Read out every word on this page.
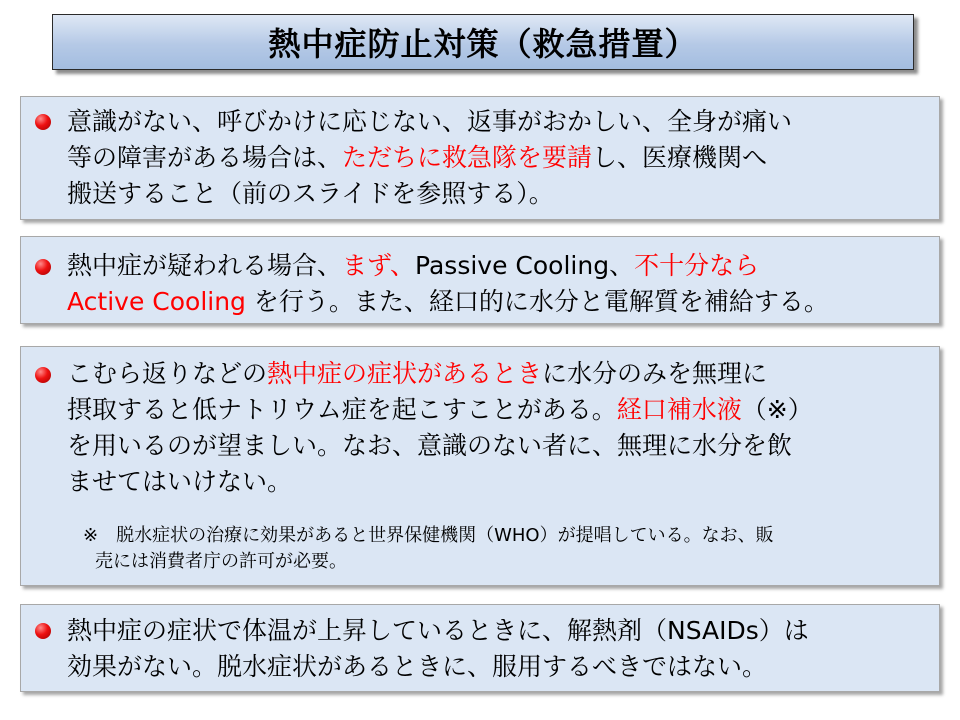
熱中症防止対策（救急措置）
意識がない、呼びかけに応じない、返事がおかしい、全身が痛い
等の障害がある場合は、ただちに救急隊を要請し、医療機関へ
搬送すること（前のスライドを参照する）。
熱中症が疑われる場合、まず、Passive Cooling、不十分なら
Active Cooling を行う。また、経口的に水分と電解質を補給する。
こむら返りなどの熱中症の症状があるときに水分のみを無理に
摂取すると低ナトリウム症を起こすことがある。経口補水液（※）
を用いるのが望ましい。なお、意識のない者に、無理に水分を飲
ませてはいけない。
※　脱水症状の治療に効果があると世界保健機関（WHO）が提唱している。なお、販
売には消費者庁の許可が必要。
熱中症の症状で体温が上昇しているときに、解熱剤（NSAIDs）は
効果がない。脱水症状があるときに、服用するべきではない。
